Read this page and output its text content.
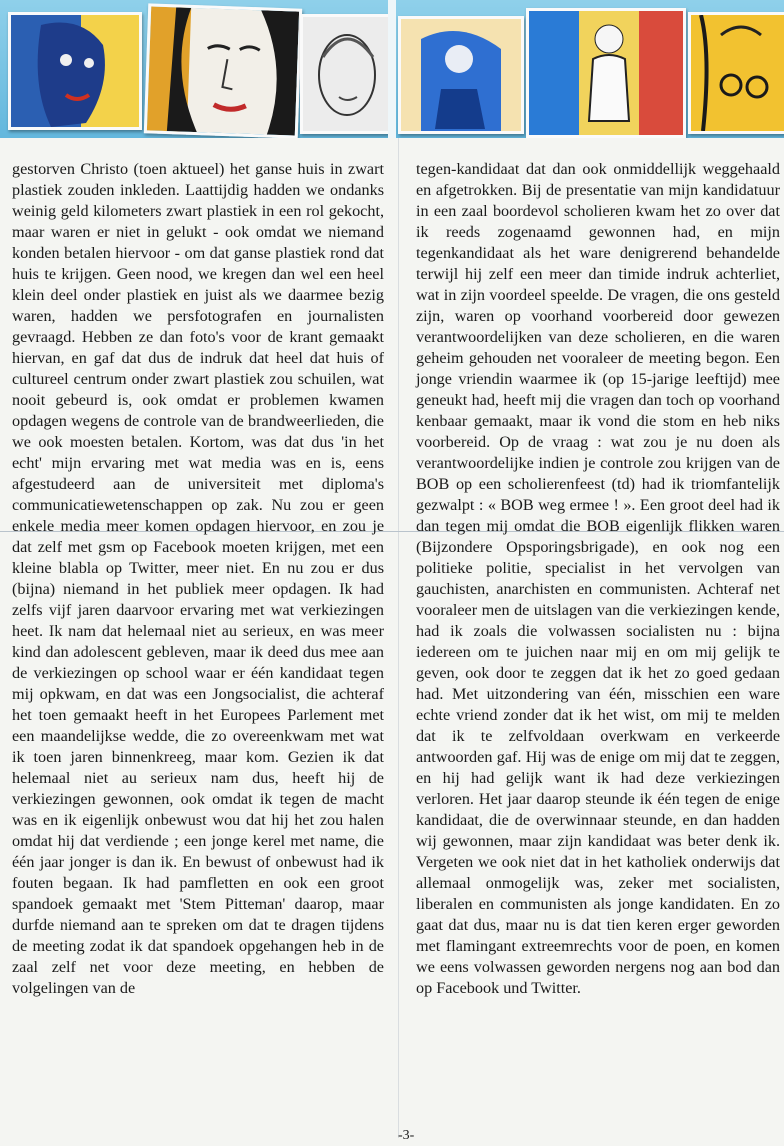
gestorven Christo (toen aktueel) het ganse huis in zwart plastiek zouden inkleden. Laattijdig hadden we ondanks weinig geld kilometers zwart plastiek in een rol gekocht, maar waren er niet in gelukt - ook omdat we niemand konden betalen hiervoor - om dat ganse plastiek rond dat huis te krijgen. Geen nood, we kregen dan wel een heel klein deel onder plastiek en juist als we daarmee bezig waren, hadden we persfotografen en journalisten gevraagd. Hebben ze dan foto's voor de krant gemaakt hiervan, en gaf dat dus de indruk dat heel dat huis of cultureel centrum onder zwart plastiek zou schuilen, wat nooit gebeurd is, ook omdat er problemen kwamen opdagen wegens de controle van de brandweerlieden, die we ook moesten betalen. Kortom, was dat dus 'in het echt' mijn ervaring met wat media was en is, eens afgestudeerd aan de universiteit met diploma's communicatiewetenschappen op zak. Nu zou er geen enkele media meer komen opdagen hiervoor, en zou je dat zelf met gsm op Facebook moeten krijgen, met een kleine blabla op Twitter, meer niet. En nu zou er dus (bijna) niemand in het publiek meer opdagen. Ik had zelfs vijf jaren daarvoor ervaring met wat verkiezingen heet. Ik nam dat helemaal niet au serieux, en was meer kind dan adolescent gebleven, maar ik deed dus mee aan de verkiezingen op school waar er één kandidaat tegen mij opkwam, en dat was een Jongsocialist, die achteraf het toen gemaakt heeft in het Europees Parlement met een maandelijkse wedde, die zo overeenkwam met wat ik toen jaren binnenkreeg, maar kom. Gezien ik dat helemaal niet au serieux nam dus, heeft hij de verkiezingen gewonnen, ook omdat ik tegen de macht was en ik eigenlijk onbewust wou dat hij het zou halen omdat hij dat verdiende ; een jonge kerel met name, die één jaar jonger is dan ik. En bewust of onbewust had ik fouten begaan. Ik had pamfletten en ook een groot spandoek gemaakt met 'Stem Pitteman' daarop, maar durfde niemand aan te spreken om dat te dragen tijdens de meeting zodat ik dat spandoek opgehangen heb in de zaal zelf net voor deze meeting, en hebben de volgelingen van de

tegen-kandidaat dat dan ook onmiddellijk weggehaald en afgetrokken. Bij de presentatie van mijn kandidatuur in een zaal boordevol scholieren kwam het zo over dat ik reeds zogenaamd gewonnen had, en mijn tegenkandidaat als het ware denigrerend behandelde terwijl hij zelf een meer dan timide indruk achterliet, wat in zijn voordeel speelde. De vragen, die ons gesteld zijn, waren op voorhand voorbereid door gewezen verantwoordelijken van deze scholieren, en die waren geheim gehouden net vooraleer de meeting begon. Een jonge vriendin waarmee ik (op 15-jarige leeftijd) mee geneukt had, heeft mij die vragen dan toch op voorhand kenbaar gemaakt, maar ik vond die stom en heb niks voorbereid. Op de vraag : wat zou je nu doen als verantwoordelijke indien je controle zou krijgen van de BOB op een scholierenfeest (td) had ik triomfantelijk gezwalpt : « BOB weg ermee ! ». Een groot deel had ik dan tegen mij omdat die BOB eigenlijk flikken waren (Bijzondere Opsporingsbrigade), en ook nog een politieke politie, specialist in het vervolgen van gauchisten, anarchisten en communisten. Achteraf net vooraleer men de uitslagen van die verkiezingen kende, had ik zoals die volwassen socialisten nu : bijna iedereen om te juichen naar mij en om mij gelijk te geven, ook door te zeggen dat ik het zo goed gedaan had. Met uitzondering van één, misschien een ware echte vriend zonder dat ik het wist, om mij te melden dat ik te zelfvoldaan overkwam en verkeerde antwoorden gaf. Hij was de enige om mij dat te zeggen, en hij had gelijk want ik had deze verkiezingen verloren. Het jaar daarop steunde ik één tegen de enige kandidaat, die de overwinnaar steunde, en dan hadden wij gewonnen, maar zijn kandidaat was beter denk ik. Vergeten we ook niet dat in het katholiek onderwijs dat allemaal onmogelijk was, zeker met socialisten, liberalen en communisten als jonge kandidaten. En zo gaat dat dus, maar nu is dat tien keren erger geworden met flamingant extreemrechts voor de poen, en komen we eens volwassen geworden nergens nog aan bod dan op Facebook und Twitter.

-3-
